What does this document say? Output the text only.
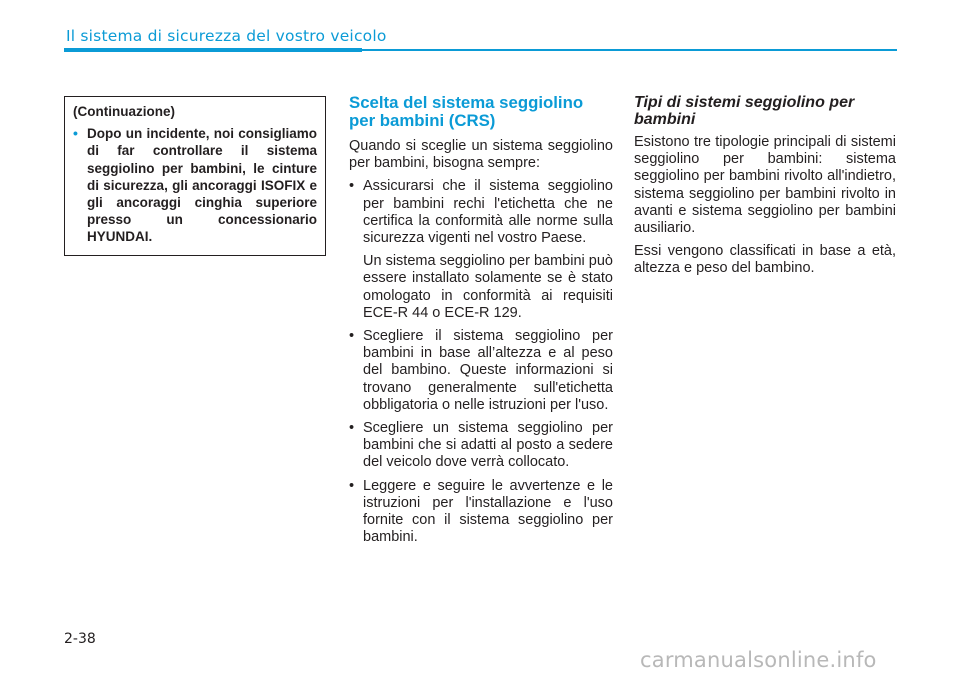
Il sistema di sicurezza del vostro veicolo
(Continuazione)
• Dopo un incidente, noi consigliamo di far controllare il sistema seggiolino per bambini, le cinture di sicurezza, gli ancoraggi ISOFIX e gli ancoraggi cinghia superiore presso un concessionario HYUNDAI.
Scelta del sistema seggiolino per bambini (CRS)

Quando si sceglie un sistema seggiolino per bambini, bisogna sempre:

• Assicurarsi che il sistema seggiolino per bambini rechi l'etichetta che ne certifica la conformità alle norme sulla sicurezza vigenti nel vostro Paese.

Un sistema seggiolino per bambini può essere installato solamente se è stato omologato in conformità ai requisiti ECE-R 44 o ECE-R 129.

• Scegliere il sistema seggiolino per bambini in base all’altezza e al peso del bambino. Queste informazioni si trovano generalmente sull'etichetta obbligatoria o nelle istruzioni per l'uso.

• Scegliere un sistema seggiolino per bambini che si adatti al posto a sedere del veicolo dove verrà collocato.

• Leggere e seguire le avvertenze e le istruzioni per l'installazione e l'uso fornite con il sistema seggiolino per bambini.

Tipi di sistemi seggiolino per bambini

Esistono tre tipologie principali di sistemi seggiolino per bambini: sistema seggiolino per bambini rivolto all'indietro, sistema seggiolino per bambini rivolto in avanti e sistema seggiolino per bambini ausiliario.

Essi vengono classificati in base a età, altezza e peso del bambino.

2-38
carmanualsonline.info
